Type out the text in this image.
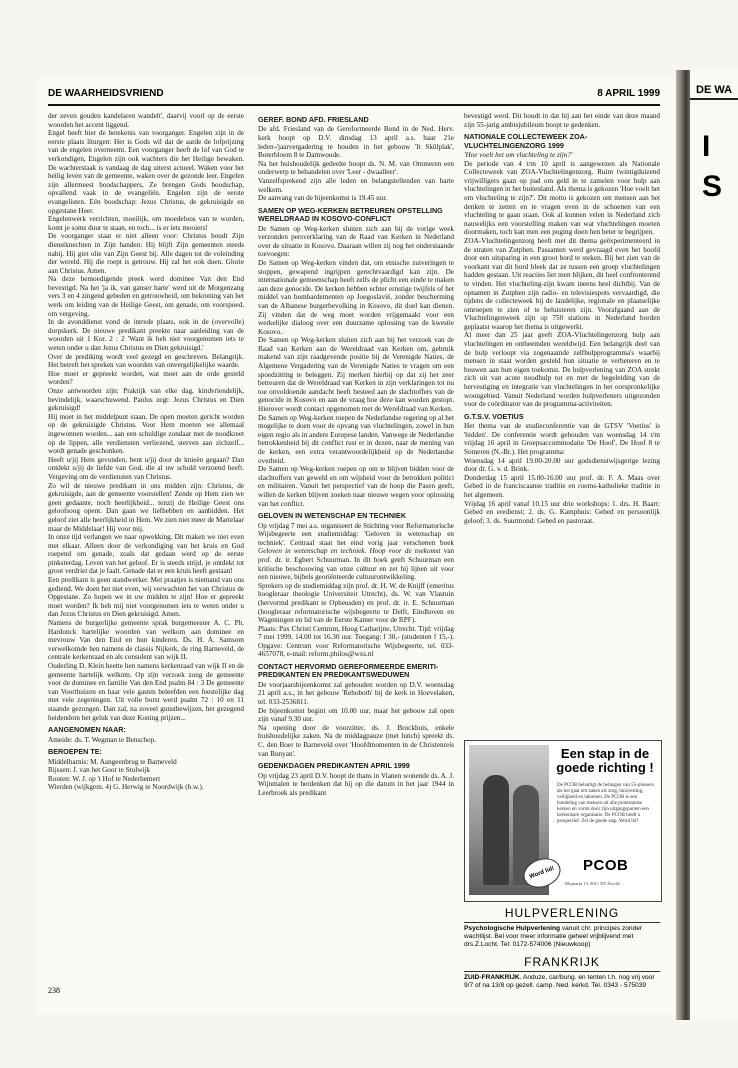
DE WAARHEIDSVRIEND	8 APRIL 1999

der zeven gouden kandelaren wandelt', daarvij voorl op de eerste woorden het accent liggend.
Engel heeft hier de betekenis van voorganger. Engelen zijn in de eerste plaats liturgen: Het is Gods wil dat de aarde de lofprijzing van de engelen overneemt. Een voorganger heeft de lof van God te verkondigen, Engelen zijn ook wachters die het Heilige bewaken. De wachterstaak is vandaag de dag uiterst actueel. Waken voor het heilig leven van de gemeente, waken over de gezonde leer. Engelen zijn allermeest boodschappers, Ze brengen Gods boodschap, opvallend vaak in de evangeliën. Engelen zijn de eerste evangelisten. Eén boodschap: Jezus Christus, de gekruisigde en opgestane Heer.
Engelenwerk verrichten, moeilijk, om moedeloos van te worden, komt je soms duur te staan, en toch... is er iets mooiers!
De voorganger staat er niet alleen voor: Christus houdt Zijn dienstknechten in Zijn handen: Hij blijft Zijn gemeenten steeds nabij. Hij giet olie van Zijn Geest bij. Alle dagen tot de voleinding der wereld. Hij die roept is getrouw. Hij zal het ook doen. Glorie aan Christus. Amen.
Na deze bemoedigende preek werd dominee Van den End bevestigd. Na het 'ja ik, van ganser harte' werd uit de Morgenzang vers 3 en 4 zingend gebeden en getrouwheid, om bekroning van het werk om leiding van de Heilige Geest, om genade, om voorspoed, om vergeving.
In de avonddienst vond de intrede plaats, ook in de (overvolle) dorpskerk. De nieuwe predikant preekte naar aanleiding van de woorden uit 1 Kor. 2 : 2 'Want ik heb niet voorgenomen iets te weten onder u dan Jezus Christus en Dien gekruisigd.'
Over de prediking wordt veel gezegd en geschreven. Belangrijk. Het betreft het spreken van woorden van onvergelijkelijke waarde.
Hoe moet er gepreekt worden, wat moet aan de orde gesteld worden?
Onze antwoorden zijn: Praktijk van elke dag, kindvriendelijk, bevindelijk, waarschuwend. Paulus zegt: Jezus Christus en Dien gekruisigd!
Hij moet in het middelpunt staan. De open moeten gericht worden op de gekruisigde Christus. Voor Hem moeten we allemaal ingewonnen worden... aan een schuldige zondaar met de noodkreet op de lippen, alle verdiensten verliezend, sterven aan zichzelf... wordt genade geschonken.
Heeft u/jij Hem gevonden, bent u/jij door de knieën gegaan? Dan ontdekt u/jij de liefde van God, die al uw schuld verzoend heeft. Vergeving om de verdiensten van Christus.
Zo wil de nieuwe predikant in ons midden zijn: Christus, de gekruisigde, aan de gemeente voorstellen! Zende op Hem zien we geen gedaante, noch heerlijkheid... tenzij de Heilige Geest ons geloofsoog opent. Dan gaan we liefhebben en aanbidden. Het geloof ziet alle heerlijkheid in Hem. We zien niet meer de Martelaar maar de Middelaar! Hij voor mij.
In onze tijd verlangen we naar opwekking. Dit maken we niet even met elkaar. Alleen door de verkondiging van het kruis en God roepend om genade, zoals dat gedaan werd op de eerste pinksterdag. Leven van het geloof. Er is steeds strijd, je ontdekt tot groot verdriet dat je faalt. Genade dat er een kruis heeft gestaan!
Een predikant is geen standwerker. Met praatjes is niemand van ons gediend. We doen het niet even, wij verwachten het van Christus de Opgestane. Zo hopen we in uw midden te zijn! Hoe er gepreekt moet worden? Ik heb mij niet voorgenomen iets te weten onder u dan Jezus Christus en Dien gekruisigd. Amen.
Namens de burgerlijke gemeente sprak burgemeester A. C. Ph. Hardonck hartelijke woorden van welkom aan dominee en mevrouw Van den End en hun kinderen. Ds. H. A. Samsom verwelkomde hen namens de classis Nijkerk, de ring Barneveld, de centrale kerkenraad en als consulent van wijk II.
Ouderling D. Klein heette hen namens kerkenraad van wijk II en de gemeente hartelijk welkom. Op zijn verzoek zong de gemeente voor de dominee en familie Van den End psalm 84 : 3 De gemeente van Voorthuizen en haar vele gasten beleefden een feestelijke dag met vele zegeningen. Uit volle borst werd psalm 72 : 10 en 11 staande gezongen. Dan zal, na zoveel gunstbewijzen, het gezegend heidendom het geluk van deze Koning prijzen...

AANGENOMEN NAAR:

Ameide: ds. T. Wegman te Benschop.

BEROEPEN TE:

Middelharnis: M. Aangeenbrug te Barneveld
Rijssen: J. van het Goor te Stolwijk
Routen: W. J. op 't Hof te Nederhemert
Wierden (wijkgem. 4) G. Herwig te Noordwijk (b.w.).

GEREF. BOND AFD. FRIESLAND

De afd. Friesland van de Gereformeerde Bond in de Ned. Herv. kerk hoopt op D.V. dinsdag 13 april a.s. haar 21e leden-/jaarvergadering te houden in het gebouw 'It Skûlplak', Boterbloem 8 te Damwoude.
Na het huishoudelijk gedeelte hoopt ds. N. M. van Ommeren een onderwerp te behandelen over 'Leer - dwaalleer'.
Vanzelfsprekend zijn alle leden en belangstellenden van harte welkom.
De aanvang van de bijeenkomst is 19.45 uur.

SAMEN OP WEG-KERKEN BETREUREN OPSTELLING WERELDRAAD IN KOSOVO-CONFLICT

De Samen op Weg-kerken sluiten zich aan bij de vorige week verzonden persverklaring van de Raad van Kerken in Nederland over de situatie in Kosovo. Daaraan willen zij nog het onderstaande toevoegen:
De Samen op Weg-kerken vinden dat, om etnische zuiveringen te stoppen, gewapend ingrijpen gerechtvaardigd kan zijn. De internationale gemeenschap heeft zelfs de plicht een einde te maken aan deze genocide. De kerken hebben echter ernstige twijfels of het middel van bombardementen op Joegoslavië, zonder bescherming van de Albanese burgerbevolking in Kosovo, dit doel kan dienen. Zij vinden dat de weg moet worden vrijgemaakt voor een werkelijke dialoog over een duurzame oplossing van de kwestie Kosovo.
De Samen op Weg-kerken sluiten zich aan bij het verzoek van de Raad van Kerken aan de Wereldraad van Kerken om, gebruik makend van zijn raadgevende positie bij de Verenigde Naties, de Algemene Vergadering van de Verenigde Naties te vragen om een spoedzitting te beleggen. Zij merken hierbij op dat zij het zeer betreuren dat de Wereldraad van Kerken in zijn verklaringen tot nu toe onvoldoende aandacht heeft besteed aan de slachtoffers van de genocide in Kosovo en aan de vraag hoe deze kan worden gestopt. Hierover wordt contact opgenomen met de Wereldraad van Kerken.
De Samen op Weg-kerken roepen de Nederlandse regering op al het mogelijke te doen voor de opvang van vluchtelingen, zowel in hun eigen regio als in andere Europese landen. Vanwege de Nederlandse betrokkenheid bij dit conflict rust er in dezen, naar de mening van de kerken, een extra verantwoordelijkheid op de Nederlandse overheid.
De Samen op Weg-kerken roepen op om te blijven bidden voor de slachtoffers van geweld en om wijsheid voor de betrokken politici en militairen. Vanuit het perspectief van de hoop die Pasen geeft, willen de kerken blijven zoeken naar nieuwe wegen voor oplossing van het conflict.

GELOVEN IN WETENSCHAP EN TECHNIEK

Op vrijdag 7 mei a.s. organiseert de Stichting voor Reformatorische Wijsbegeerte een studiemiddag: 'Geloven in wetenschap en techniek'. Centraal staat het eind vorig jaar verschenen boek Geloven in wetenschap en techniek. Hoop voor de toekomst van prof. dr. ir. Egbert Schuurman. In dit boek geeft Schuurman een kritische beschouwing van onze cultuur en zet hij lijnen uit voor een nieuwe, bijbels georiënteerde cultuurontwikkeling.
Sprekers op de studiemiddag zijn prof. dr. H. W. de Knijff (emeritus hoogleraar theologie Universiteit Utrecht), ds. W. van Vlastuin (hervormd predikant te Opheusden) en prof. dr. ir. E. Schuurman (hoogleraar reformatorische wijsbegeerte te Delft, Eindhoven en Wageningen en lid van de Eerste Kamer voor de RPF).
Plaats: Pax Christi Centrum, Hoog Catharijne, Utrecht. Tijd: vrijdag 7 mei 1999, 14.00 tot 16.30 uur. Toegang: f 30,- (studenten f 15,-). Opgave: Centrum voor Reformatorische Wijsbegeerte, tel. 033-4657078, e-mail: reform.philos@wxs.nl

CONTACT HERVORMD GEREFORMEERDE EMERITI-PREDIKANTEN EN PREDIKANTSWEDUWEN

De voorjaarsbijeenkomst zal gehouden worden op D.V. woensdag 21 april a.s., in het gebouw 'Rehoboth' bij de kerk in Hoevelaken, tel. 033-2536811.
De bijeenkomst begint om 10.00 uur, maar het gebouw zal open zijn vanaf 9.30 uur.
Na opening door de voorzitter, ds. J. Brockhuis, enkele huishoudelijke zaken. Na de middagpauze (met lunch) spreekt ds. C. den Boer te Barneveld over 'Hoofdmomenten in de Christenreis van Bunyan'.

GEDENKDAGEN PREDIKANTEN APRIL 1999

Op vrijdag 23 april D.V. hoopt de thans in Vianen wonende ds. A. J. Wijnmalen te herdenken dat hij op die datum in het jaar 1944 in Leerbroek als predikant

bevestigd werd. Dit houdt in dat hij aan het einde van deze maand zijn 55-jarig ambtsjubileum hoopt te gedenken.

NATIONALE COLLECTEWEEK ZOA-VLUCHTELINGENZORG 1999

'Hoe voelt het om vluchteling te zijn?'

De periode van 4 t/m 10 april is aangewezen als Nationale Collecteweek van ZOA-Vluchtelingenzorg. Ruim twintigduizend vrijwilligers gaan op pad om geld in te zamelen voor hulp aan vluchtelingen in het buitenland. Als thema is gekozen 'Hoe voelt het om vluchteling te zijn?'. Dit motto is gekozen om mensen aan het denken te zetten en te vragen even in de schoenen van een vluchteling te gaan staan. Ook al kunnen velen in Nederland zich nauwelijks een voorstelling maken van wat vluchtelingen moeten doormaken, toch kan men een poging doen hen beter te begrijpen.
ZOA-Vluchtelingenzorg heeft met dit thema geëxperimenteerd in de straten van Zutphen. Passanten werd gevraagd even het hoofd door een uitsparing in een groot bord te steken. Bij het zien van de voorkant van dit bord bleek dat ze tussen een groep vluchtelingen hadden gestaan. Uit reacties liet men blijken, dit heel confronterend te vinden. Het vluchteling-zijn kwam ineens heel dichtbij. Van de opnamen in Zutphen zijn radio- en televisiespots vervaardigd, die tijdens de collecteweek bij de landelijke, regionale en plaatselijke omroepen te zien of te beluisteren zijn. Voorafgaand aan de Vluchtelingenweek zijn op 750 stations in Nederland borden geplaatst waarop het thema is uitgewerkt.
Al meer dan 25 jaar geeft ZOA-Vluchtelingenzorg hulp aan vluchtelingen en ontheemden wereldwijd. Een belangrijk deel van de hulp verloopt via zogenaamde zelfhulpprogramma's waarbij mensen in staat worden gesteld hun situatie te verbeteren en te bouwen aan hun eigen toekomst. De hulpverlening van ZOA strekt zich uit van acute noodhulp tot en met de begeleiding van de hervestiging en integratie van vluchtelingen in het oorspronkelijke woongebied. Vanuit Nederland worden hulpverleners uitgezonden voor de coördinator van de programma-activiteiten.

G.T.S.V. VOETIUS

Het thema van de studieconferentie van de GTSV 'Voetius' is 'bidden'. De conferentie wordt gehouden van woensdag 14 t/m vrijdag 16 april in Groepsaccommodatie 'De Hoof', De Hoof 8 te Someren (N.-Br.). Het programma:
Woensdag 14 april 19.00-20.00 uur godsdienstwijsgerige lezing door dr. G. v. d. Brink.
Donderdag 15 april 15.00-16.00 uur prof. dr. F. A. Maas over Gebed in de franciscaanse traditie en rooms-katholieke traditie in het algemeen.
Vrijdag 16 april vanaf 10.15 uur drie workshops: 1. drs. H. Baart: Gebed en eredienst; 2. ds. G. Kamphuis: Gebed en persoonlijk geloof; 3. ds. Suurmond: Gebed en pastoraat.

238
Word lid!
Een stap in de goede richting !
De PCOB behartigt de belangen van 55-plussers als het gaat om zaken als zorg, huisvesting, veiligheid en inkomen. De PCOB is een bundeling van mensen uit alle protestantse kerken en vormt door zijn uitgangspunten een herkenbare organisatie. De PCOB biedt u perspectief. Zet de goede stap. Word lid!
PCOB
Blijmarkt 13, 8011 NE Zwolle
HULPVERLENING
Psychologische Hulpverlening vanuit chr. principes zonder wachtlijst. Bel voor meer informatie geheel vrijblijvend met drs.Z.Locht. Tel: 0172-574006 (Nieuwkoop)
FRANKRIJK
ZUID-FRANKRIJK. Anduze, car/bung. en tenten t.h. nog vrij voor 9/7 of na 13/8 op gezell. camp. Ned. kerkd. Tel. 0343 - 575039
DE WA
I
S
